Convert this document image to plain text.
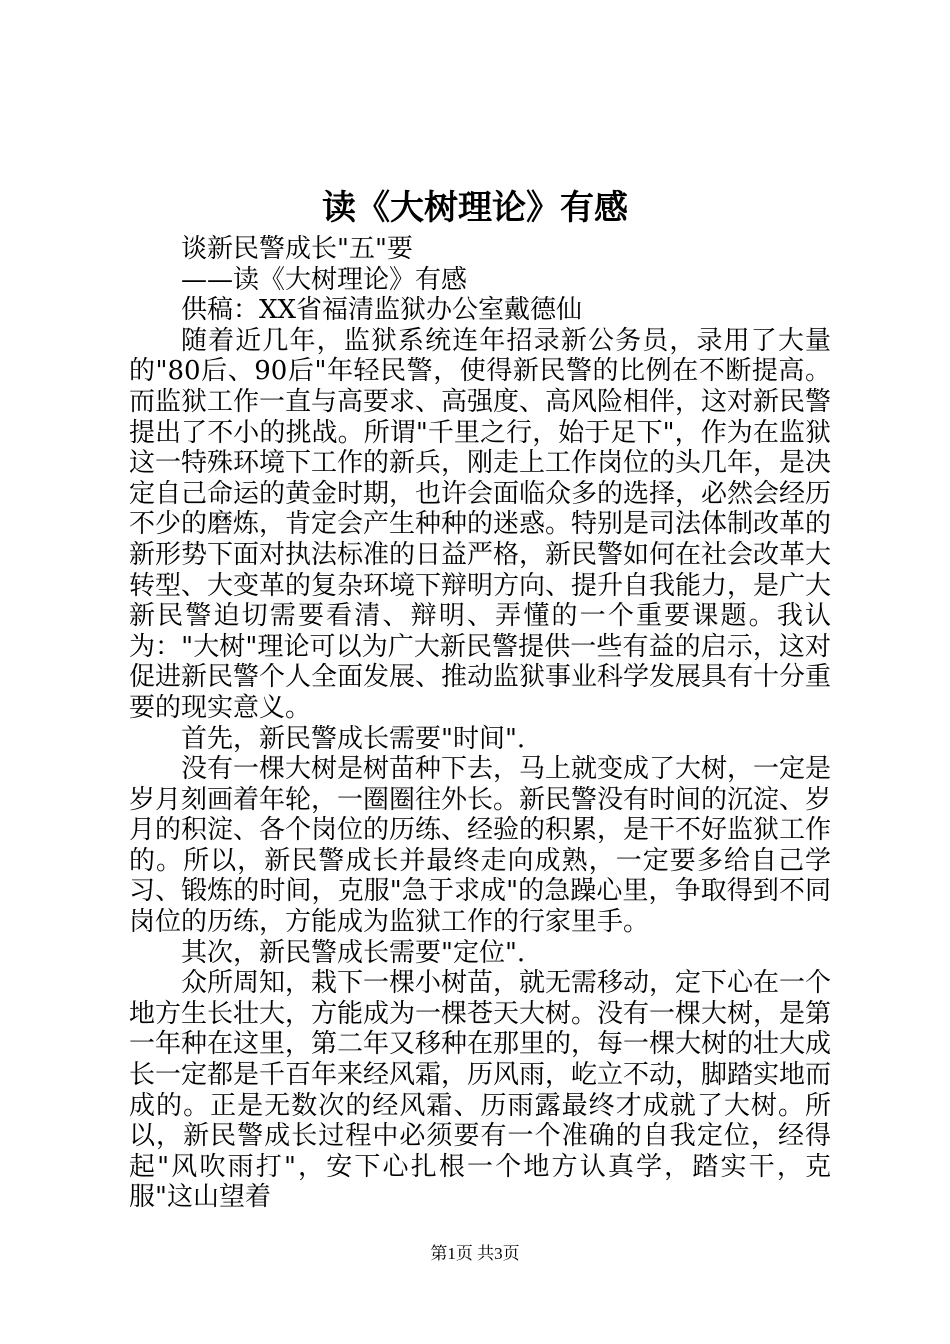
读《大树理论》有感

谈新民警成长"五"要

——读《大树理论》有感

供稿：XX省福清监狱办公室戴德仙

随着近几年，监狱系统连年招录新公务员，录用了大量的"80后、90后"年轻民警，使得新民警的比例在不断提高。而监狱工作一直与高要求、高强度、高风险相伴，这对新民警提出了不小的挑战。所谓"千里之行，始于足下"，作为在监狱这一特殊环境下工作的新兵，刚走上工作岗位的头几年，是决定自己命运的黄金时期，也许会面临众多的选择，必然会经历不少的磨炼，肯定会产生种种的迷惑。特别是司法体制改革的新形势下面对执法标准的日益严格，新民警如何在社会改革大转型、大变革的复杂环境下辩明方向、提升自我能力，是广大新民警迫切需要看清、辩明、弄懂的一个重要课题。我认为："大树"理论可以为广大新民警提供一些有益的启示，这对促进新民警个人全面发展、推动监狱事业科学发展具有十分重要的现实意义。

首先，新民警成长需要"时间".

没有一棵大树是树苗种下去，马上就变成了大树，一定是岁月刻画着年轮，一圈圈往外长。新民警没有时间的沉淀、岁月的积淀、各个岗位的历练、经验的积累，是干不好监狱工作的。所以，新民警成长并最终走向成熟，一定要多给自己学习、锻炼的时间，克服"急于求成"的急躁心里，争取得到不同岗位的历练，方能成为监狱工作的行家里手。

其次，新民警成长需要"定位".

众所周知，栽下一棵小树苗，就无需移动，定下心在一个地方生长壮大，方能成为一棵苍天大树。没有一棵大树，是第一年种在这里，第二年又移种在那里的，每一棵大树的壮大成长一定都是千百年来经风霜，历风雨，屹立不动，脚踏实地而成的。正是无数次的经风霜、历雨露最终才成就了大树。所以，新民警成长过程中必须要有一个准确的自我定位，经得起"风吹雨打"，安下心扎根一个地方认真学，踏实干，克服"这山望着

第1页 共3页
